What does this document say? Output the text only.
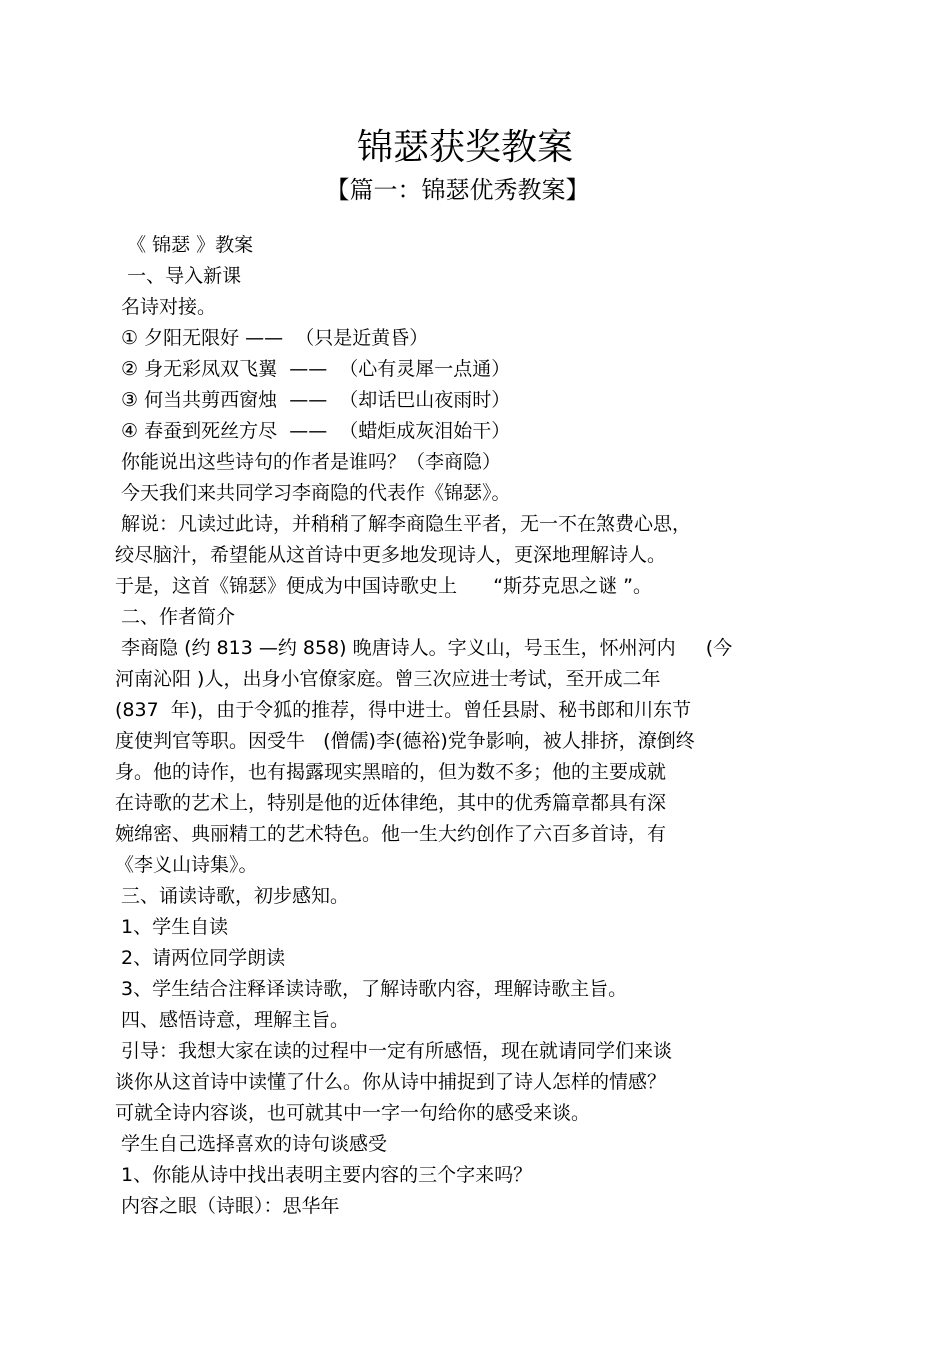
锦瑟获奖教案
【篇一：锦瑟优秀教案】
《 锦瑟 》教案
一、导入新课
名诗对接。
① 夕阳无限好 ——  （只是近黄昏）
② 身无彩凤双飞翼  ——  （心有灵犀一点通）
③ 何当共剪西窗烛  ——  （却话巴山夜雨时）
④ 春蚕到死丝方尽  ——  （蜡炬成灰泪始干）
你能说出这些诗句的作者是谁吗？（李商隐）
今天我们来共同学习李商隐的代表作《锦瑟》。
解说：凡读过此诗，并稍稍了解李商隐生平者，无一不在煞费心思，
绞尽脑汁，希望能从这首诗中更多地发现诗人，更深地理解诗人。
于是，这首《锦瑟》便成为中国诗歌史上      “斯芬克思之谜 ”。
二、作者简介
李商隐 (约 813 —约 858) 晚唐诗人。字义山，号玉生，怀州河内     (今
河南沁阳 )人，出身小官僚家庭。曾三次应进士考试，至开成二年
(837  年)，由于令狐的推荐，得中进士。曾任县尉、秘书郎和川东节
度使判官等职。因受牛   (僧儒)李(德裕)党争影响，被人排挤，潦倒终
身。他的诗作，也有揭露现实黑暗的，但为数不多；他的主要成就
在诗歌的艺术上，特别是他的近体律绝，其中的优秀篇章都具有深
婉绵密、典丽精工的艺术特色。他一生大约创作了六百多首诗，有
《李义山诗集》。
三、诵读诗歌，初步感知。
1、学生自读
2、请两位同学朗读
3、学生结合注释译读诗歌，了解诗歌内容，理解诗歌主旨。
四、感悟诗意，理解主旨。
引导：我想大家在读的过程中一定有所感悟，现在就请同学们来谈
谈你从这首诗中读懂了什么。你从诗中捕捉到了诗人怎样的情感？
可就全诗内容谈，也可就其中一字一句给你的感受来谈。
学生自己选择喜欢的诗句谈感受
1、你能从诗中找出表明主要内容的三个字来吗？
内容之眼（诗眼）：思华年
